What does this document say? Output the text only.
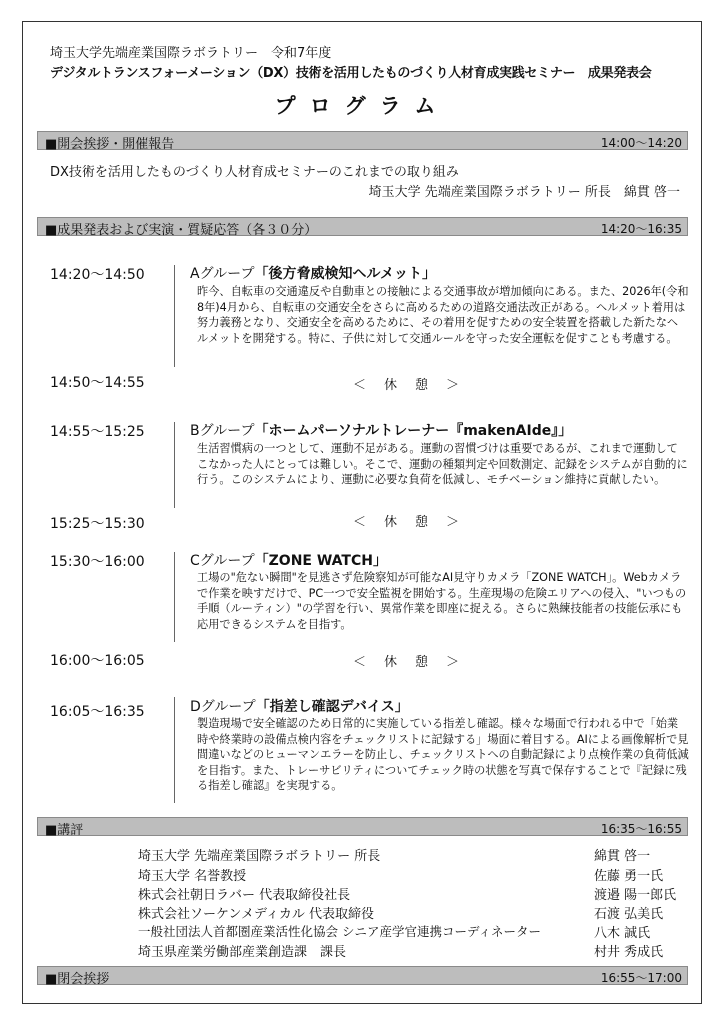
埼玉大学先端産業国際ラボラトリー　令和7年度
デジタルトランスフォーメーション（DX）技術を活用したものづくり人材育成実践セミナー　成果発表会
プログラム
■開会挨拶・開催報告	14:00～14:20
DX技術を活用したものづくり人材育成セミナーのこれまでの取り組み
埼玉大学 先端産業国際ラボラトリー 所長　綿貫 啓一
■成果発表および実演・質疑応答（各３０分）	14:20～16:35
14:20～14:50	Aグループ「後方脅威検知ヘルメット」
昨今、自転車の交通違反や自動車との接触による交通事故が増加傾向にある。また、2026年(令和8年)4月から、自転車の交通安全をさらに高めるための道路交通法改正がある。ヘルメット着用は努力義務となり、交通安全を高めるために、その着用を促すための安全装置を搭載した新たなヘルメットを開発する。特に、子供に対して交通ルールを守った安全運転を促すことも考慮する。
14:50～14:55	＜ 休 憩 ＞
14:55～15:25	Bグループ「ホームパーソナルトレーナー『makenAIde』」
生活習慣病の一つとして、運動不足がある。運動の習慣づけは重要であるが、これまで運動してこなかった人にとっては難しい。そこで、運動の種類判定や回数測定、記録をシステムが自動的に行う。このシステムにより、運動に必要な負荷を低減し、モチベーション維持に貢献したい。
15:25～15:30	＜ 休 憩 ＞
15:30～16:00	Cグループ「ZONE WATCH」
工場の"危ない瞬間"を見逃さず危険察知が可能なAI見守りカメラ「ZONE WATCH」。Webカメラで作業を映すだけで、PC一つで安全監視を開始する。生産現場の危険エリアへの侵入、"いつもの手順（ルーティン）"の学習を行い、異常作業を即座に捉える。さらに熟練技能者の技能伝承にも応用できるシステムを目指す。
16:00～16:05	＜ 休 憩 ＞
16:05～16:35	Dグループ「指差し確認デバイス」
製造現場で安全確認のため日常的に実施している指差し確認。様々な場面で行われる中で「始業時や終業時の設備点検内容をチェックリストに記録する」場面に着目する。AIによる画像解析で見間違いなどのヒューマンエラーを防止し、チェックリストへの自動記録により点検作業の負荷低減を目指す。また、トレーサビリティについてチェック時の状態を写真で保存することで『記録に残る指差し確認』を実現する。
■講評	16:35～16:55
埼玉大学 先端産業国際ラボラトリー 所長	綿貫 啓一
埼玉大学 名誉教授	佐藤 勇一氏
株式会社朝日ラバー 代表取締役社長	渡邉 陽一郎氏
株式会社ソーケンメディカル 代表取締役	石渡 弘美氏
一般社団法人首都圏産業活性化協会 シニア産学官連携コーディネーター	八木 誠氏
埼玉県産業労働部産業創造課　課長	村井 秀成氏
■閉会挨拶	16:55～17:00
